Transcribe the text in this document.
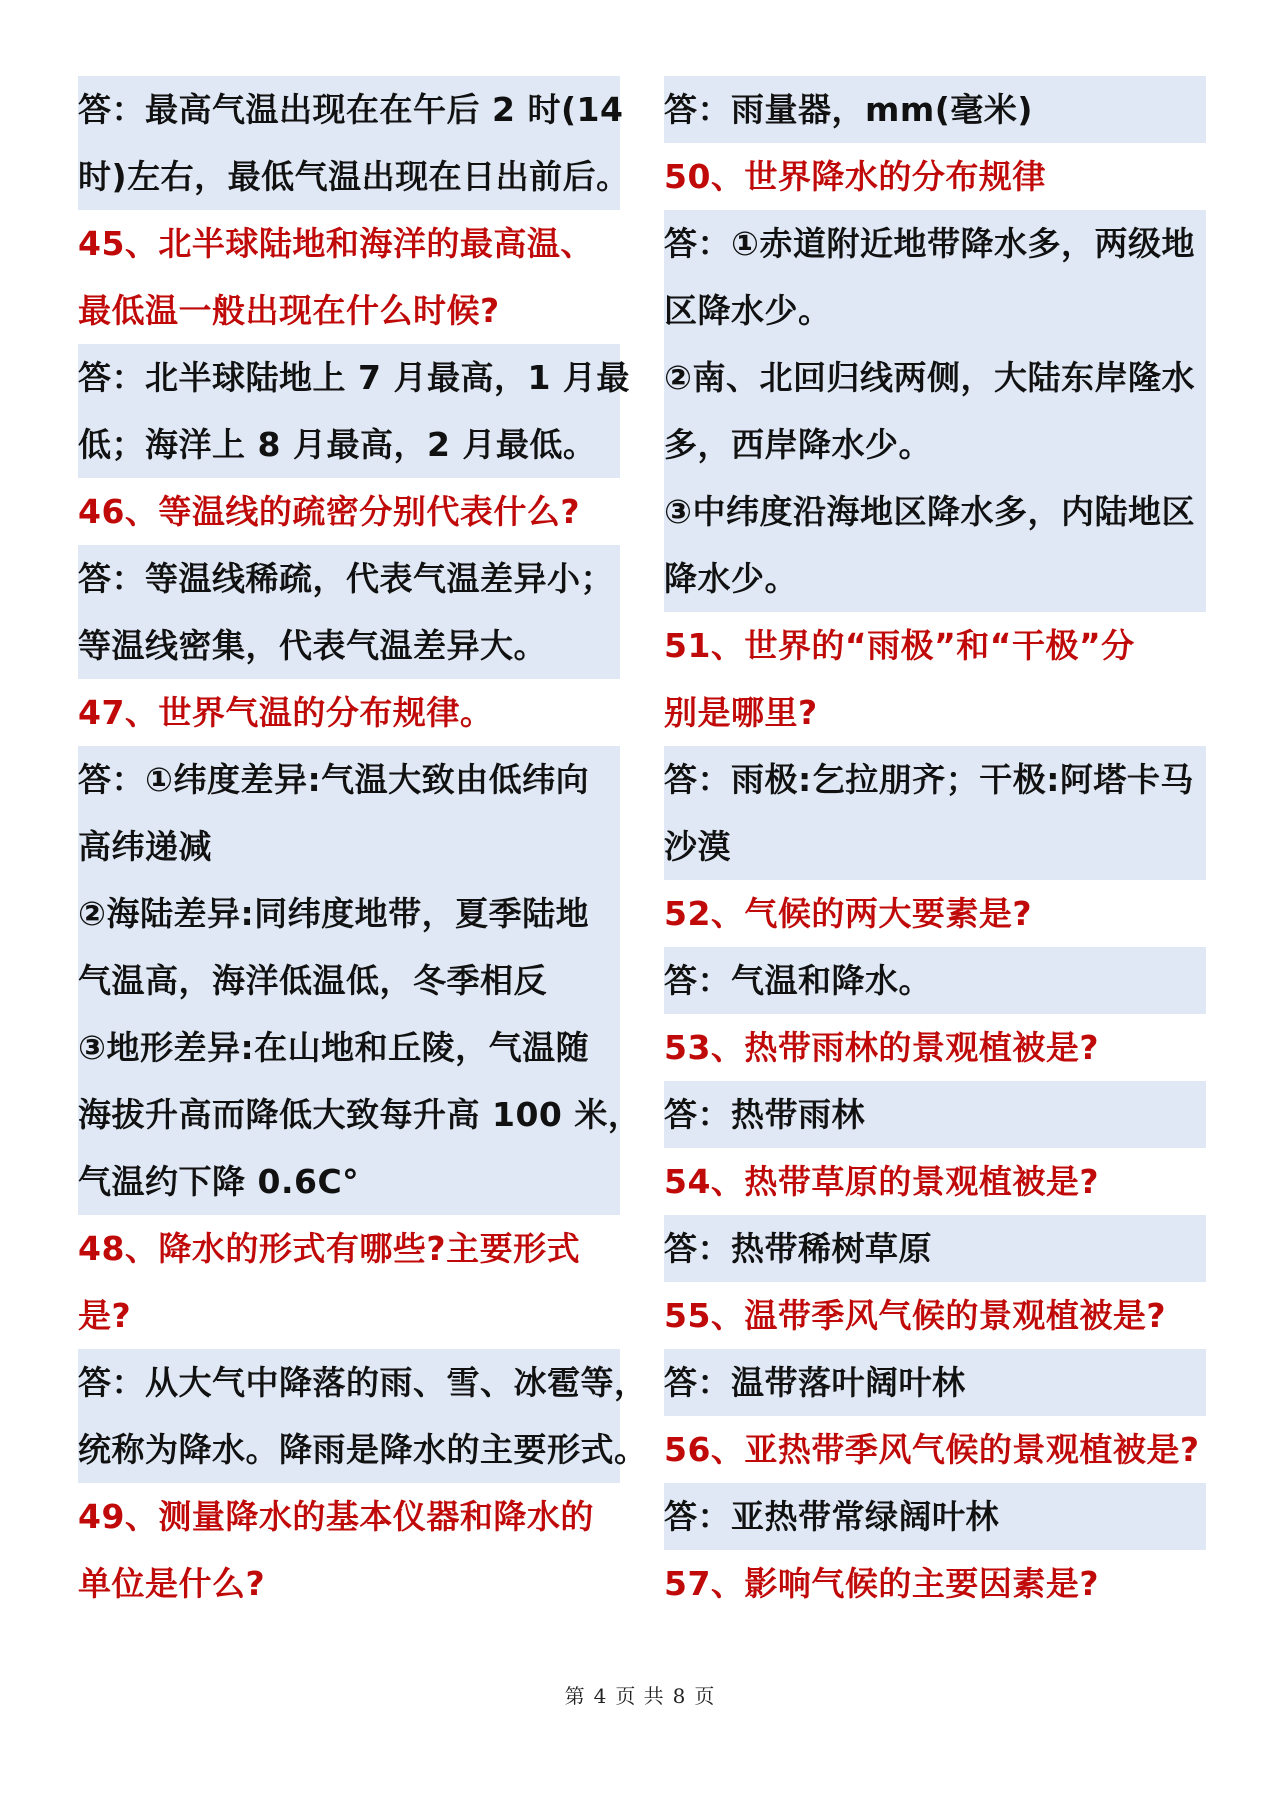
答：最高气温出现在在午后 2 时(14
时)左右，最低气温出现在日出前后。
45、北半球陆地和海洋的最高温、
最低温一般出现在什么时候?
答：北半球陆地上 7 月最高，1 月最
低；海洋上 8 月最高，2 月最低。
46、等温线的疏密分别代表什么?
答：等温线稀疏，代表气温差异小；
等温线密集，代表气温差异大。
47、世界气温的分布规律。
答：①纬度差异:气温大致由低纬向
高纬递减
②海陆差异:同纬度地带，夏季陆地
气温高，海洋低温低，冬季相反
③地形差异:在山地和丘陵，气温随
海拔升高而降低大致每升高 100 米，
气温约下降 0.6C°
48、降水的形式有哪些?主要形式
是?
答：从大气中降落的雨、雪、冰雹等，
统称为降水。降雨是降水的主要形式。
49、测量降水的基本仪器和降水的
单位是什么?
答：雨量器，mm(毫米)
50、世界降水的分布规律
答：①赤道附近地带降水多，两级地
区降水少。
②南、北回归线两侧，大陆东岸隆水
多，西岸降水少。
③中纬度沿海地区降水多，内陆地区
降水少。
51、世界的“雨极”和“干极”分
别是哪里?
答：雨极:乞拉朋齐；干极:阿塔卡马
沙漠
52、气候的两大要素是?
答：气温和降水。
53、热带雨林的景观植被是?
答：热带雨林
54、热带草原的景观植被是?
答：热带稀树草原
55、温带季风气候的景观植被是?
答：温带落叶阔叶林
56、亚热带季风气候的景观植被是?
答：亚热带常绿阔叶林
57、影响气候的主要因素是?
第 4 页 共 8 页
